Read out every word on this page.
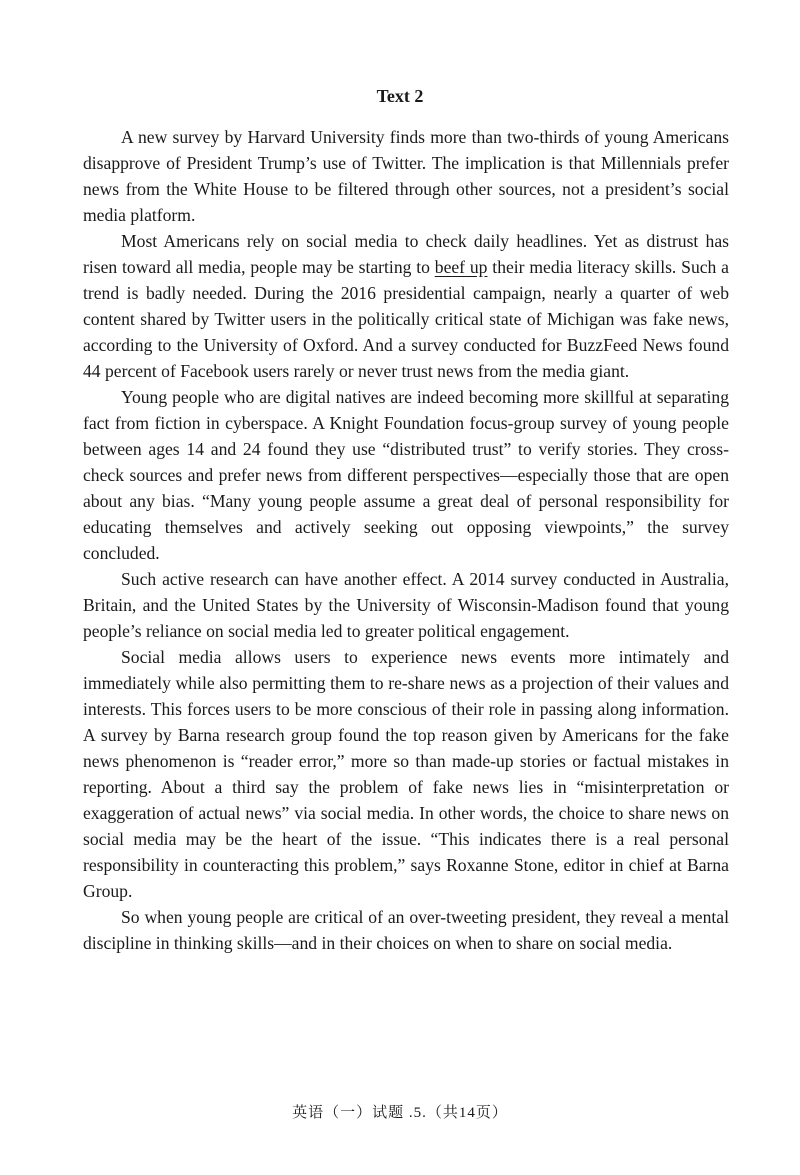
Text 2

A new survey by Harvard University finds more than two-thirds of young Americans disapprove of President Trump’s use of Twitter. The implication is that Millennials prefer news from the White House to be filtered through other sources, not a president’s social media platform.

Most Americans rely on social media to check daily headlines. Yet as distrust has risen toward all media, people may be starting to beef up their media literacy skills. Such a trend is badly needed. During the 2016 presidential campaign, nearly a quarter of web content shared by Twitter users in the politically critical state of Michigan was fake news, according to the University of Oxford. And a survey conducted for BuzzFeed News found 44 percent of Facebook users rarely or never trust news from the media giant.

Young people who are digital natives are indeed becoming more skillful at separating fact from fiction in cyberspace. A Knight Foundation focus-group survey of young people between ages 14 and 24 found they use “distributed trust” to verify stories. They cross-check sources and prefer news from different perspectives—especially those that are open about any bias. “Many young people assume a great deal of personal responsibility for educating themselves and actively seeking out opposing viewpoints,” the survey concluded.

Such active research can have another effect. A 2014 survey conducted in Australia, Britain, and the United States by the University of Wisconsin-Madison found that young people’s reliance on social media led to greater political engagement.

Social media allows users to experience news events more intimately and immediately while also permitting them to re-share news as a projection of their values and interests. This forces users to be more conscious of their role in passing along information. A survey by Barna research group found the top reason given by Americans for the fake news phenomenon is “reader error,” more so than made-up stories or factual mistakes in reporting. About a third say the problem of fake news lies in “misinterpretation or exaggeration of actual news” via social media. In other words, the choice to share news on social media may be the heart of the issue. “This indicates there is a real personal responsibility in counteracting this problem,” says Roxanne Stone, editor in chief at Barna Group.

So when young people are critical of an over-tweeting president, they reveal a mental discipline in thinking skills—and in their choices on when to share on social media.

英语（一）试题 .5.（共14页）
